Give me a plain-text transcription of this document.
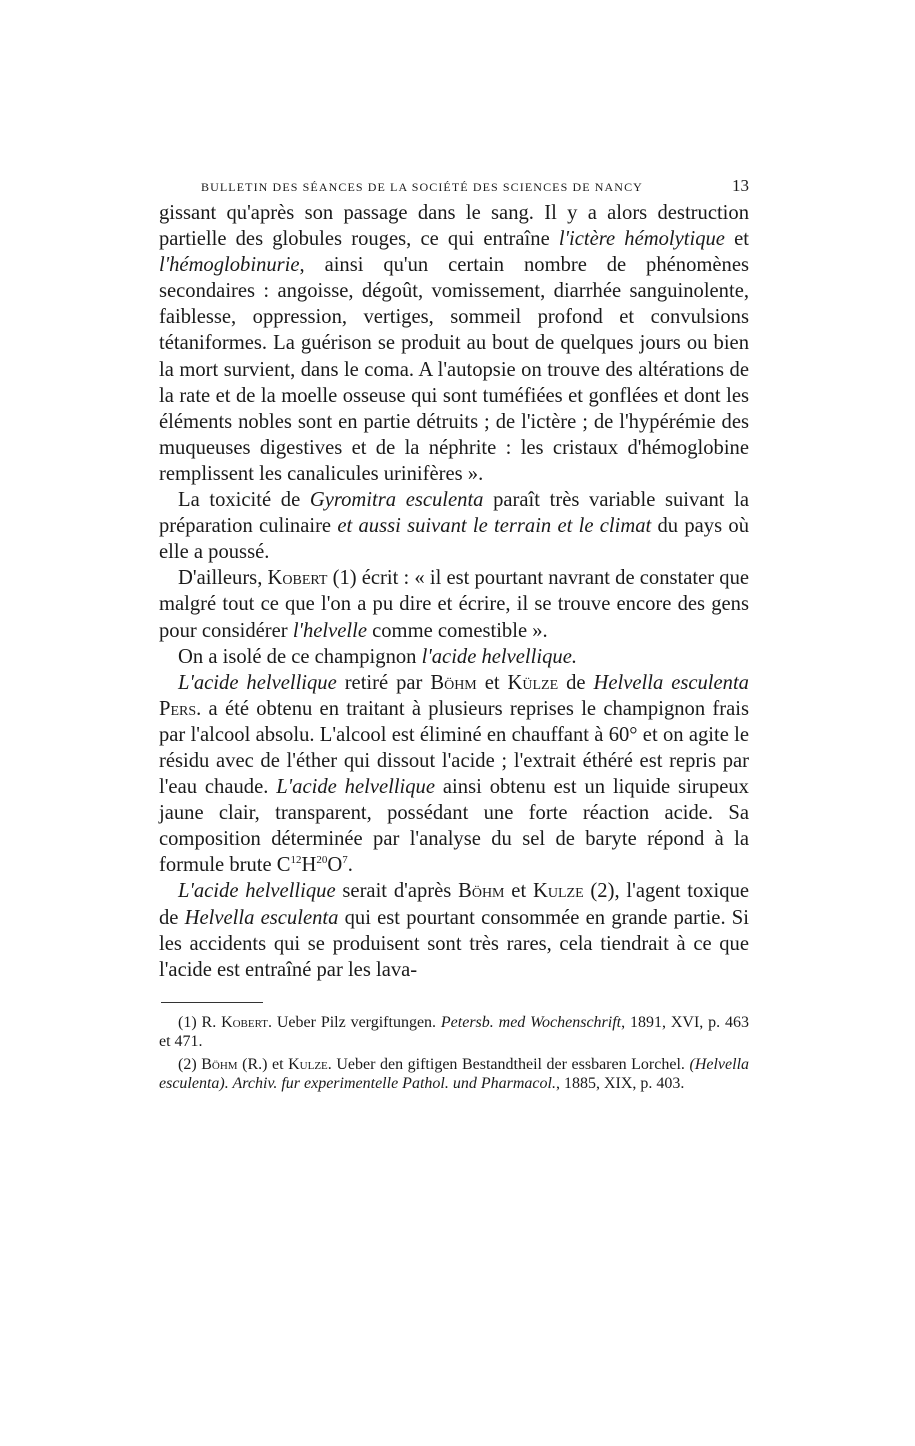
BULLETIN DES SÉANCES DE LA SOCIÉTÉ DES SCIENCES DE NANCY	13

gissant qu'après son passage dans le sang. Il y a alors destruction partielle des globules rouges, ce qui entraîne l'ictère hémolytique et l'hémoglobinurie, ainsi qu'un certain nombre de phénomènes secondaires : angoisse, dégoût, vomissement, diarrhée sanguinolente, faiblesse, oppression, vertiges, sommeil profond et convulsions tétaniformes. La guérison se produit au bout de quelques jours ou bien la mort survient, dans le coma. A l'autopsie on trouve des altérations de la rate et de la moelle osseuse qui sont tuméfiées et gonflées et dont les éléments nobles sont en partie détruits ; de l'ictère ; de l'hypérémie des muqueuses digestives et de la néphrite : les cristaux d'hémoglobine remplissent les canalicules urinifères ».

La toxicité de Gyromitra esculenta paraît très variable suivant la préparation culinaire et aussi suivant le terrain et le climat du pays où elle a poussé.

D'ailleurs, Kobert (1) écrit : « il est pourtant navrant de constater que malgré tout ce que l'on a pu dire et écrire, il se trouve encore des gens pour considérer l'helvelle comme comestible ».

On a isolé de ce champignon l'acide helvellique.

L'acide helvellique retiré par Böhm et Külze de Helvella esculenta Pers. a été obtenu en traitant à plusieurs reprises le champignon frais par l'alcool absolu. L'alcool est éliminé en chauffant à 60° et on agite le résidu avec de l'éther qui dissout l'acide ; l'extrait éthéré est repris par l'eau chaude. L'acide helvellique ainsi obtenu est un liquide sirupeux jaune clair, transparent, possédant une forte réaction acide. Sa composition déterminée par l'analyse du sel de baryte répond à la formule brute $C^{12}H^{20}O^7$.

L'acide helvellique serait d'après Böhm et Kulze (2), l'agent toxique de Helvella esculenta qui est pourtant consommée en grande partie. Si les accidents qui se produisent sont très rares, cela tiendrait à ce que l'acide est entraîné par les lava-

(1) R. Kobert. Ueber Pilz vergiftungen. Petersb. med Wochenschrift, 1891, XVI, p. 463 et 471.

(2) Böhm (R.) et Kulze. Ueber den giftigen Bestandtheil der essbaren Lorchel. (Helvella esculenta). Archiv. fur experimentelle Pathol. und Pharmacol., 1885, XIX, p. 403.
